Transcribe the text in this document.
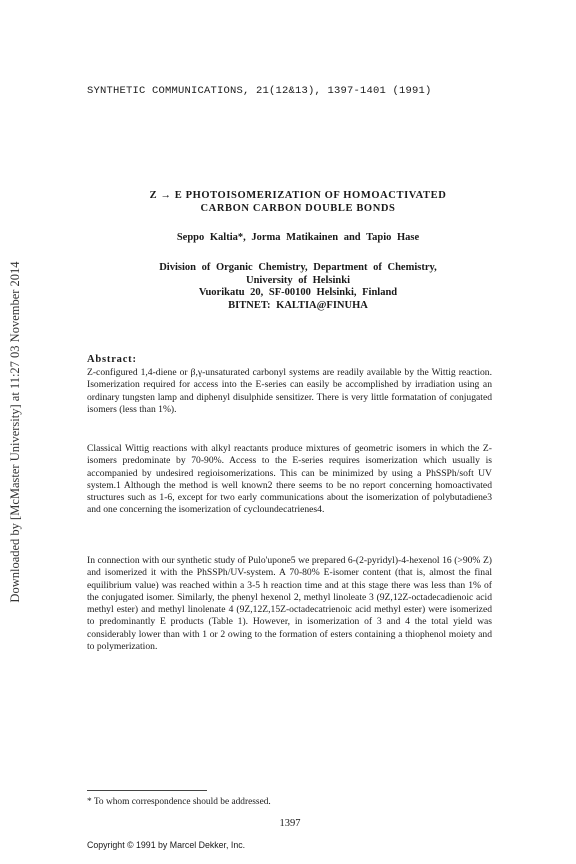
Downloaded by [McMaster University] at 11:27 03 November 2014
SYNTHETIC COMMUNICATIONS, 21(12&13), 1397-1401 (1991)
Z → E PHOTOISOMERIZATION OF HOMOACTIVATED
CARBON CARBON DOUBLE BONDS
Seppo Kaltia*, Jorma Matikainen and Tapio Hase
Division of Organic Chemistry, Department of Chemistry,
University of Helsinki
Vuorikatu 20, SF-00100 Helsinki, Finland
BITNET: KALTIA@FINUHA
Abstract:
Z-configured 1,4-diene or β,γ-unsaturated carbonyl systems are readily available by the Wittig reaction. Isomerization required for access into the E-series can easily be accomplished by irradiation using an ordinary tungsten lamp and diphenyl disulphide sensitizer. There is very little formatation of conjugated isomers (less than 1%).
Classical Wittig reactions with alkyl reactants produce mixtures of geometric isomers in which the Z-isomers predominate by 70-90%. Access to the E-series requires isomerization which usually is accompanied by undesired regioisomerizations. This can be minimized by using a PhSSPh/soft UV system.1 Although the method is well known2 there seems to be no report concerning homoactivated structures such as 1-6, except for two early communications about the isomerization of polybutadiene3 and one concerning the isomerization of cycloundecatrienes4.
In connection with our synthetic study of Pulo'upone5 we prepared 6-(2-pyridyl)-4-hexenol 16 (>90% Z) and isomerized it with the PhSSPh/UV-system. A 70-80% E-isomer content (that is, almost the final equilibrium value) was reached within a 3-5 h reaction time and at this stage there was less than 1% of the conjugated isomer. Similarly, the phenyl hexenol 2, methyl linoleate 3 (9Z,12Z-octadecadienoic acid methyl ester) and methyl linolenate 4 (9Z,12Z,15Z-octadecatrienoic acid methyl ester) were isomerized to predominantly E products (Table 1). However, in isomerization of 3 and 4 the total yield was considerably lower than with 1 or 2 owing to the formation of esters containing a thiophenol moiety and to polymerization.
* To whom correspondence should be addressed.
1397
Copyright © 1991 by Marcel Dekker, Inc.
